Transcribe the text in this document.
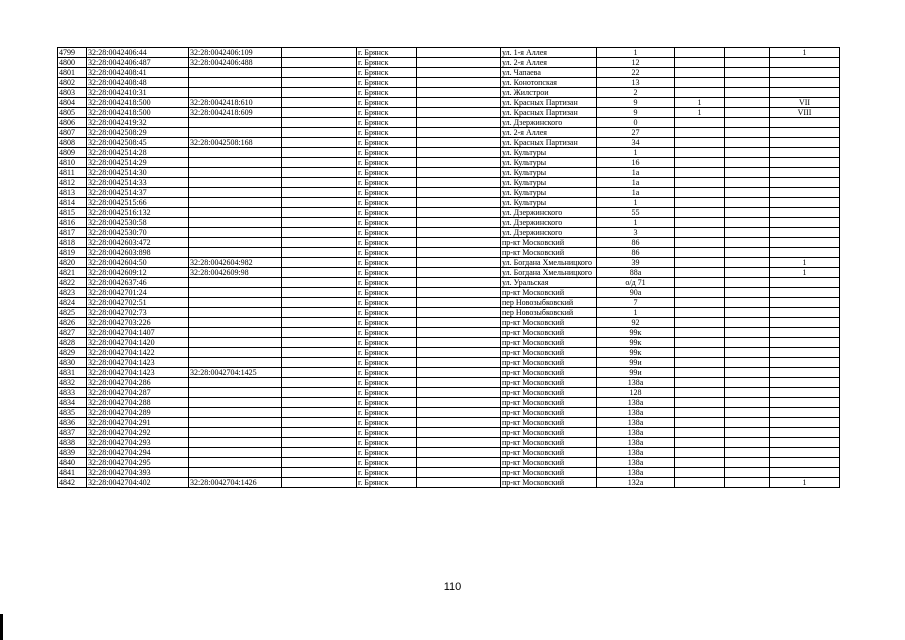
4799	32:28:0042406:44	32:28:0042406:109		г. Брянск		ул. 1-я Аллея	1			1
4800	32:28:0042406:487	32:28:0042406:488		г. Брянск		ул. 2-я Аллея	12			
4801	32:28:0042408:41			г. Брянск		ул. Чапаева	22			
4802	32:28:0042408:48			г. Брянск		ул. Конотопская	13			
4803	32:28:0042410:31			г. Брянск		ул. Жилстрои	2			
4804	32:28:0042418:500	32:28:0042418:610		г. Брянск		ул. Красных Партизан	9	1		VII
4805	32:28:0042418:500	32:28:0042418:609		г. Брянск		ул. Красных Партизан	9	1		VIII
4806	32:28:0042419:32			г. Брянск		ул. Дзержинского	0			
4807	32:28:0042508:29			г. Брянск		ул. 2-я Аллея	27			
4808	32:28:0042508:45	32:28:0042508:168		г. Брянск		ул. Красных Партизан	34			
4809	32:28:0042514:28			г. Брянск		ул. Культуры	1			
4810	32:28:0042514:29			г. Брянск		ул. Культуры	16			
4811	32:28:0042514:30			г. Брянск		ул. Культуры	1а			
4812	32:28:0042514:33			г. Брянск		ул. Культуры	1а			
4813	32:28:0042514:37			г. Брянск		ул. Культуры	1а			
4814	32:28:0042515:66			г. Брянск		ул. Культуры	1			
4815	32:28:0042516:132			г. Брянск		ул. Дзержинского	55			
4816	32:28:0042530:58			г. Брянск		ул. Дзержинского	1			
4817	32:28:0042530:70			г. Брянск		ул. Дзержинского	3			
4818	32:28:0042603:472			г. Брянск		пр-кт Московский	86			
4819	32:28:0042603:898			г. Брянск		пр-кт Московский	86			
4820	32:28:0042604:50	32:28:0042604:982		г. Брянск		ул. Богдана Хмельницкого	39			1
4821	32:28:0042609:12	32:28:0042609:98		г. Брянск		ул. Богдана Хмельницкого	88а			1
4822	32:28:0042637:46			г. Брянск		ул. Уральская	о/д 71			
4823	32:28:0042701:24			г. Брянск		пр-кт Московский	90а			
4824	32:28:0042702:51			г. Брянск		пер Новозыбковский	7			
4825	32:28:0042702:73			г. Брянск		пер Новозыбковский	1			
4826	32:28:0042703:226			г. Брянск		пр-кт Московский	92			
4827	32:28:0042704:1407			г. Брянск		пр-кт Московский	99к			
4828	32:28:0042704:1420			г. Брянск		пр-кт Московский	99к			
4829	32:28:0042704:1422			г. Брянск		пр-кт Московский	99к			
4830	32:28:0042704:1423			г. Брянск		пр-кт Московский	99и			
4831	32:28:0042704:1423	32:28:0042704:1425		г. Брянск		пр-кт Московский	99и			
4832	32:28:0042704:286			г. Брянск		пр-кт Московский	138а			
4833	32:28:0042704:287			г. Брянск		пр-кт Московский	128			
4834	32:28:0042704:288			г. Брянск		пр-кт Московский	138а			
4835	32:28:0042704:289			г. Брянск		пр-кт Московский	138а			
4836	32:28:0042704:291			г. Брянск		пр-кт Московский	138а			
4837	32:28:0042704:292			г. Брянск		пр-кт Московский	138а			
4838	32:28:0042704:293			г. Брянск		пр-кт Московский	138а			
4839	32:28:0042704:294			г. Брянск		пр-кт Московский	138а			
4840	32:28:0042704:295			г. Брянск		пр-кт Московский	138а			
4841	32:28:0042704:393			г. Брянск		пр-кт Московский	138а			
4842	32:28:0042704:402	32:28:0042704:1426		г. Брянск		пр-кт Московский	132а			1
110
